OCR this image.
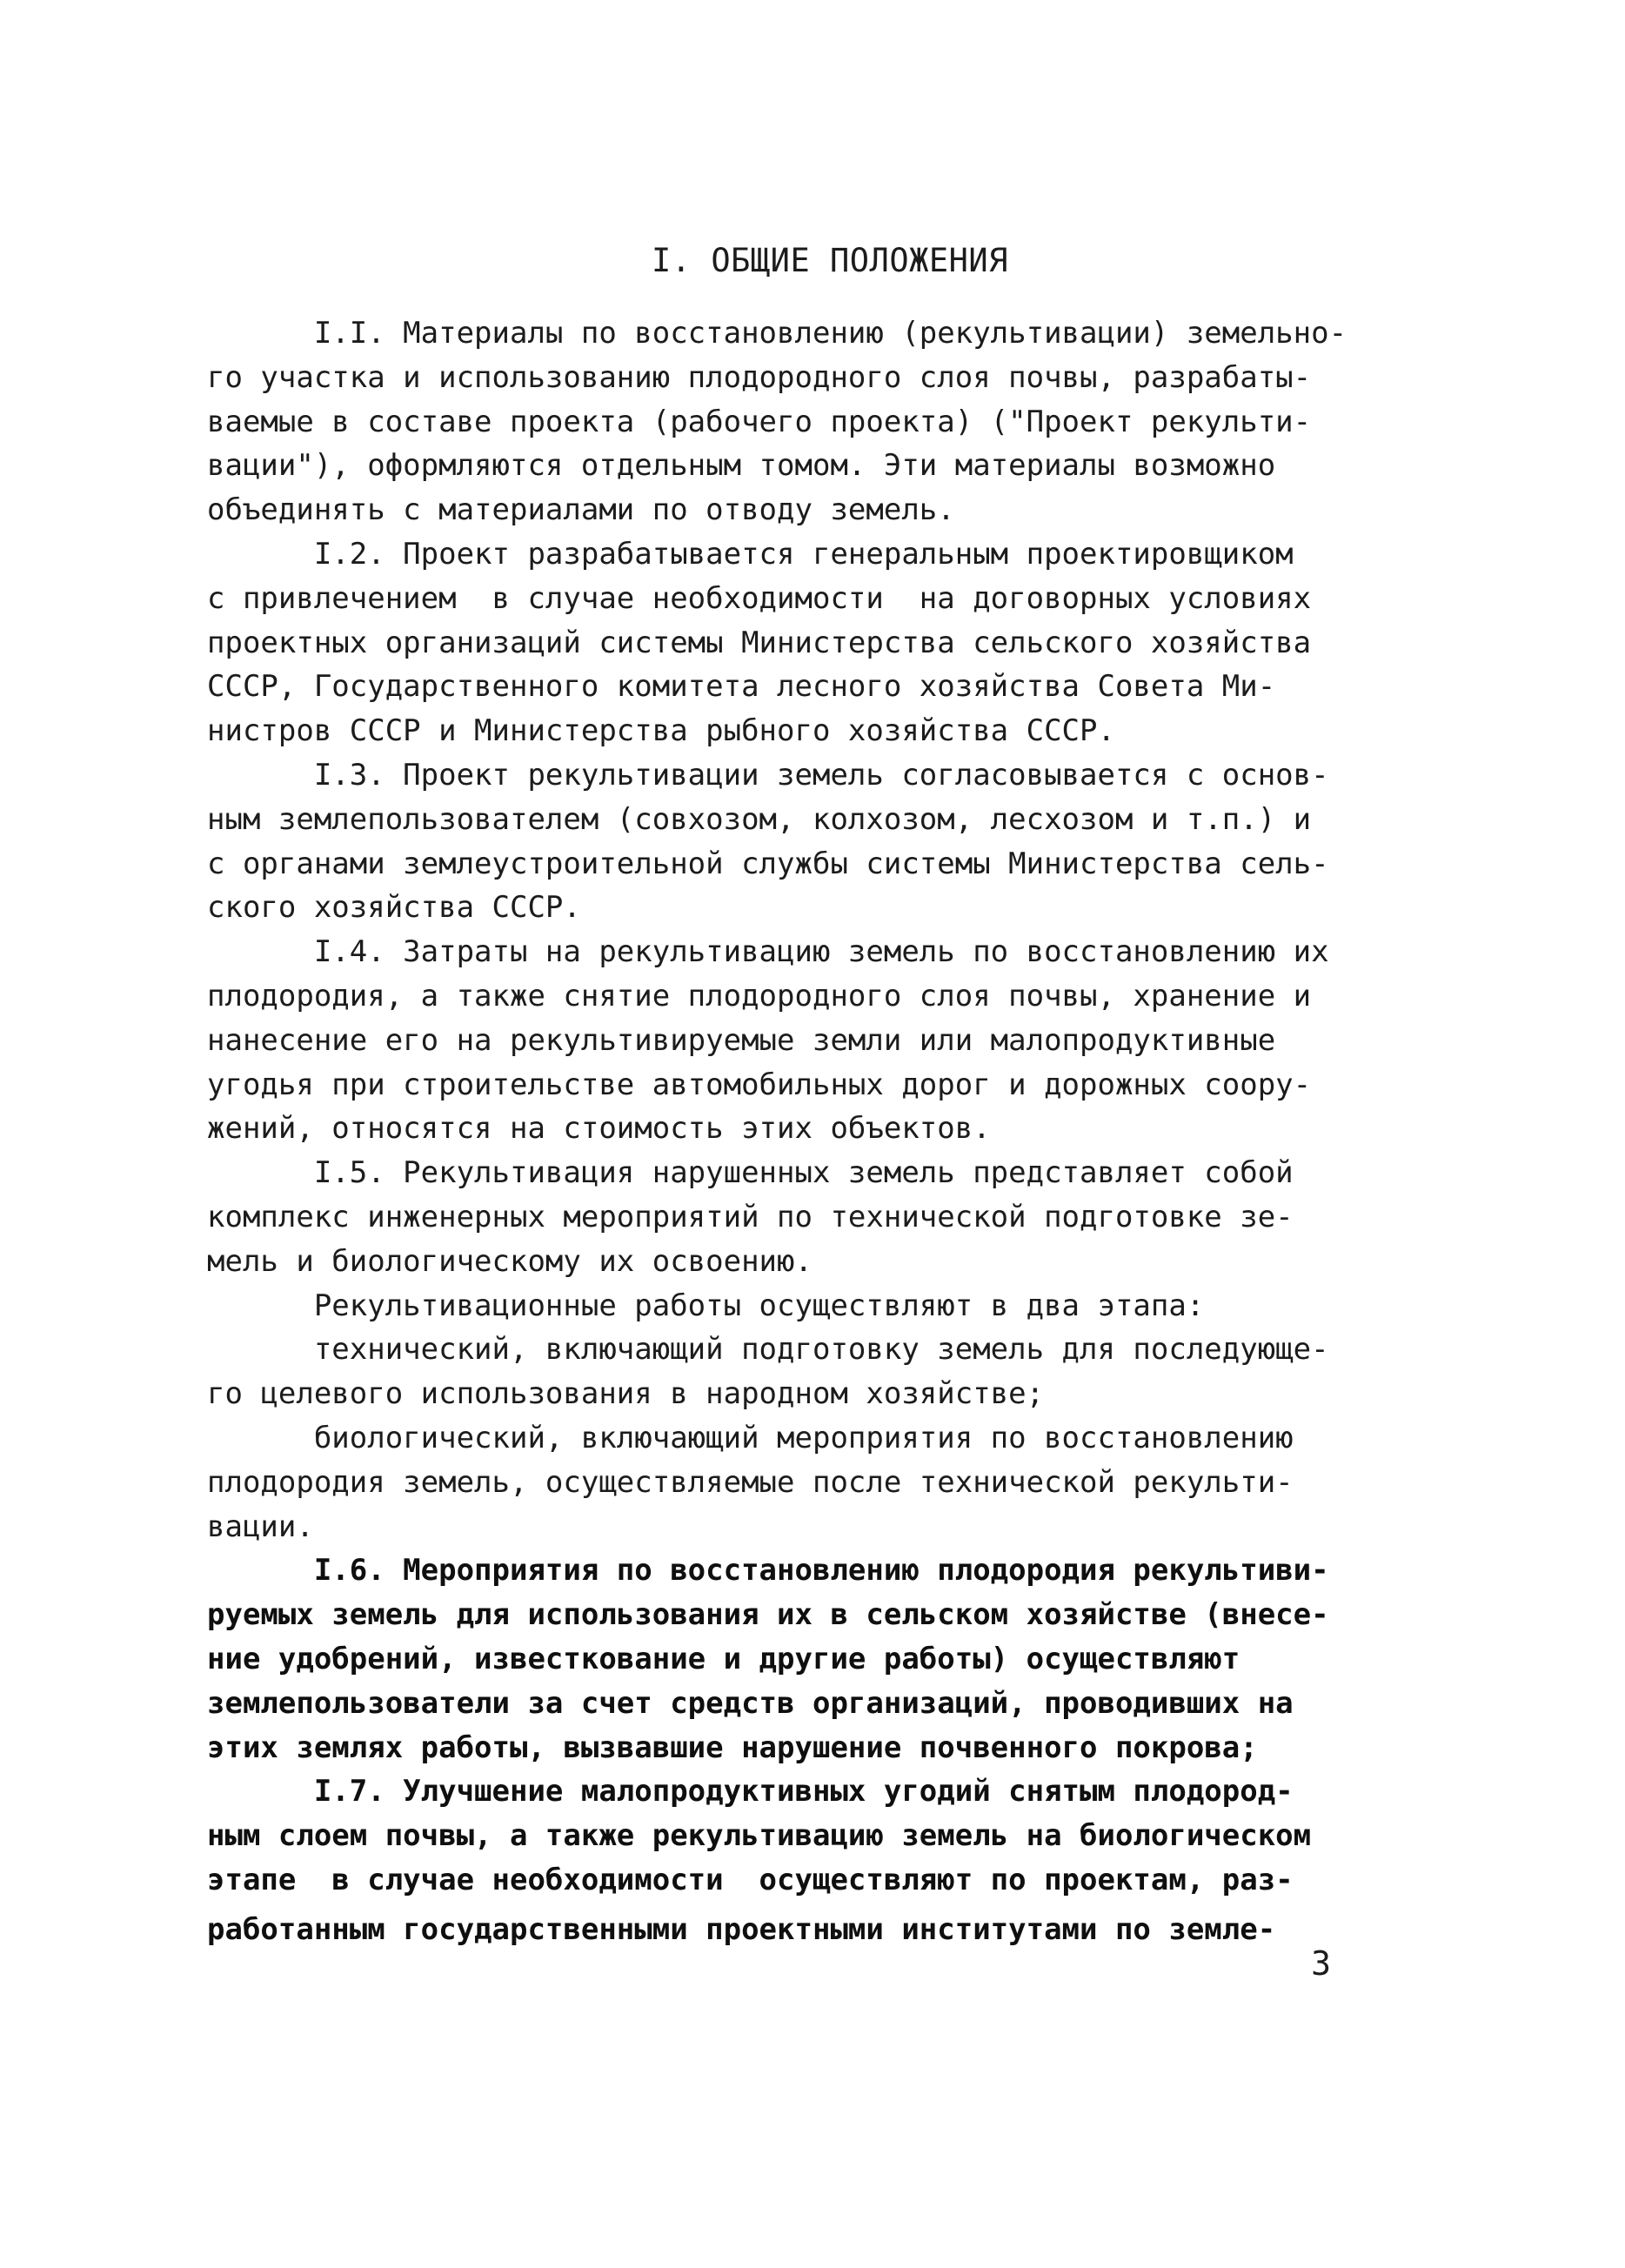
I. ОБЩИЕ ПОЛОЖЕНИЯ
I.I. Материалы по восстановлению (рекультивации) земельно-
го участка и использованию плодородного слоя почвы, разрабаты-
ваемые в составе проекта (рабочего проекта) ("Проект рекульти-
вации"), оформляются отдельным томом. Эти материалы возможно
объединять с материалами по отводу земель.
I.2. Проект разрабатывается генеральным проектировщиком
с привлечением  в случае необходимости  на договорных условиях
проектных организаций системы Министерства сельского хозяйства
СССР, Государственного комитета лесного хозяйства Совета Ми-
нистров СССР и Министерства рыбного хозяйства СССР.
I.3. Проект рекультивации земель согласовывается с основ-
ным землепользователем (совхозом, колхозом, лесхозом и т.п.) и
с органами землеустроительной службы системы Министерства сель-
ского хозяйства СССР.
I.4. Затраты на рекультивацию земель по восстановлению их
плодородия, а также снятие плодородного слоя почвы, хранение и
нанесение его на рекультивируемые земли или малопродуктивные
угодья при строительстве автомобильных дорог и дорожных соору-
жений, относятся на стоимость этих объектов.
I.5. Рекультивация нарушенных земель представляет собой
комплекс инженерных мероприятий по технической подготовке зе-
мель и биологическому их освоению.
Рекультивационные работы осуществляют в два этапа:
технический, включающий подготовку земель для последующе-
го целевого использования в народном хозяйстве;
биологический, включающий мероприятия по восстановлению
плодородия земель, осуществляемые после технической рекульти-
вации.
I.6. Мероприятия по восстановлению плодородия рекультиви-
руемых земель для использования их в сельском хозяйстве (внесе-
ние удобрений, известкование и другие работы) осуществляют
землепользователи за счет средств организаций, проводивших на
этих землях работы, вызвавшие нарушение почвенного покрова;
I.7. Улучшение малопродуктивных угодий снятым плодород-
ным слоем почвы, а также рекультивацию земель на биологическом
этапе  в случае необходимости  осуществляют по проектам, раз-
работанным государственными проектными институтами по земле-
3
